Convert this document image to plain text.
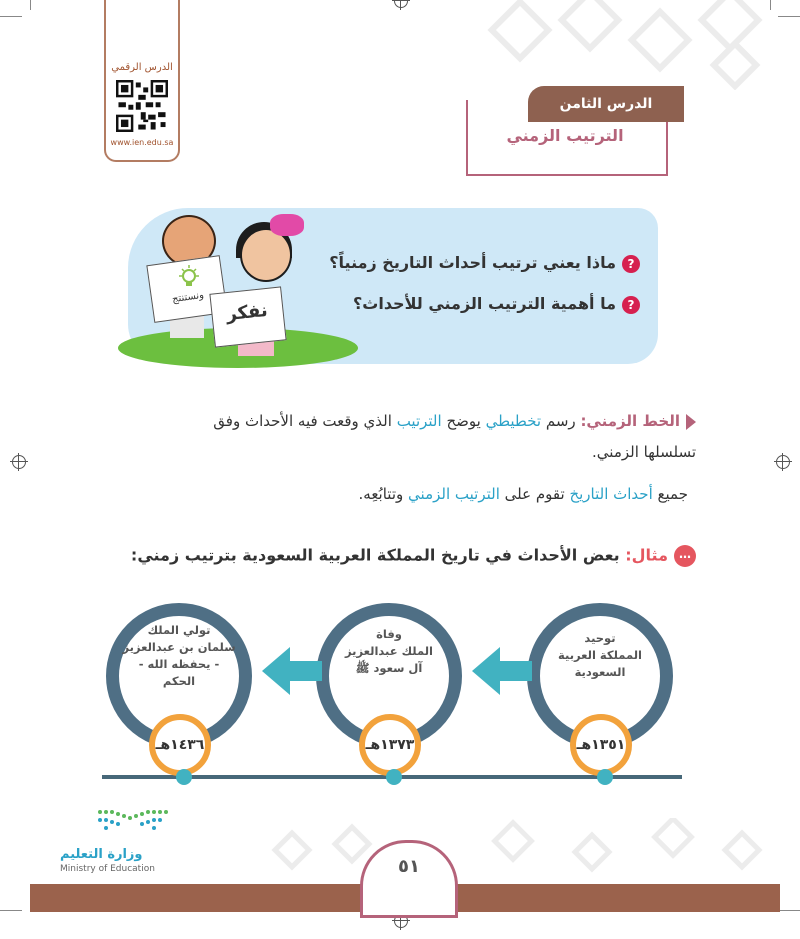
الدرس الرقمي
www.ien.edu.sa
الدرس الثامن
الترتيب الزمني
ونستنتج
نفكر
?ماذا يعني ترتيب أحداث التاريخ زمنياً؟
?ما أهمية الترتيب الزمني للأحداث؟
الخط الزمني: رسم تخطيطي يوضح الترتيب الذي وقعت فيه الأحداث وفق
تسلسلها الزمني.
جميع أحداث التاريخ تقوم على الترتيب الزمني وتتابُعِه.
…مثال: بعض الأحداث في تاريخ المملكة العربية السعودية بترتيب زمني:
توحيد
المملكة العربية
السعودية
وفاة
الملك عبدالعزيز
آل سعود ﷺ
تولي الملك
سلمان بن عبدالعزيز
- يحفظه الله -
الحكم
١٣٥١هـ
١٣٧٣هـ
١٤٣٦هـ
٥١
وزارة التعليم
Ministry of Education
2022 - 1444
